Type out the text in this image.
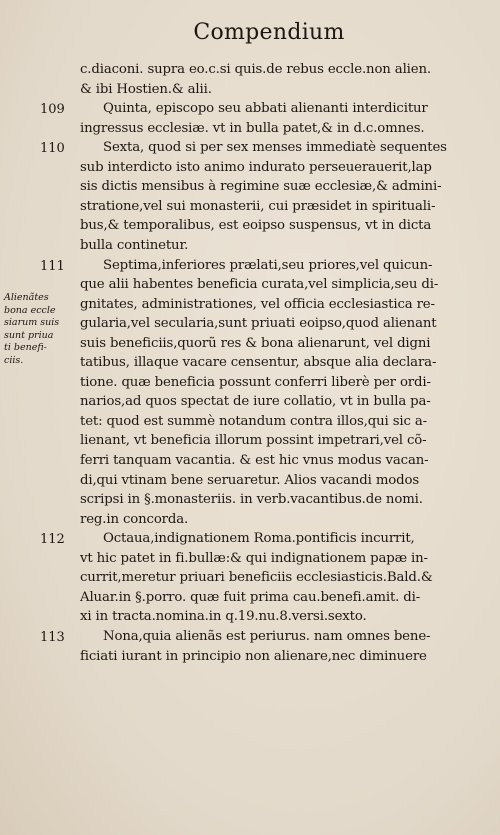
Compendium
c.diaconi. supra eo.c.si quis.de rebus eccle.non alien.
& ibi Hostien.& alii.
109	Quinta, episcopo seu abbati alienanti interdicitur
ingressus ecclesiæ. vt in bulla patet,& in d.c.omnes.
110	Sexta, quod si per sex menses immediatè sequentes
sub interdicto isto animo indurato perseuerauerit,lap
sis dictis mensibus à regimine suæ ecclesiæ,& admini-
stratione,vel sui monasterii, cui præsidet in spirituali-
bus,& temporalibus, est eoipso suspensus, vt in dicta
bulla continetur.
111	Septima,inferiores prælati,seu priores,vel quicun-
que alii habentes beneficia curata,vel simplicia,seu di-
gnitates, administrationes, vel officia ecclesiastica re-
gularia,vel secularia,sunt priuati eoipso,quod alienant
suis beneficiis,quorũ res & bona alienarunt, vel digni
tatibus, illaque vacare censentur, absque alia declara-
tione. quæ beneficia possunt conferri liberè per ordi-
narios,ad quos spectat de iure collatio, vt in bulla pa-
tet: quod est summè notandum contra illos,qui sic a-
lienant, vt beneficia illorum possint impetrari,vel cõ-
ferri tanquam vacantia. & est hic vnus modus vacan-
di,qui vtinam bene seruaretur. Alios vacandi modos
scripsi in §.monasteriis. in verb.vacantibus.de nomi.
reg.in concorda.
112	Octaua,indignationem Roma.pontificis incurrit,
vt hic patet in fi.bullæ:& qui indignationem papæ in-
currit,meretur priuari beneficiis ecclesiasticis.Bald.&
Aluar.in §.porro. quæ fuit prima cau.benefi.amit. di-
xi in tracta.nomina.in q.19.nu.8.versi.sexto.
113	Nona,quia alienãs est periurus. nam omnes bene-
ficiati iurant in principio non alienare,nec diminuere
Alienãtes
bona eccle
siarum suis
sunt priua
ti benefi-
ciis.
